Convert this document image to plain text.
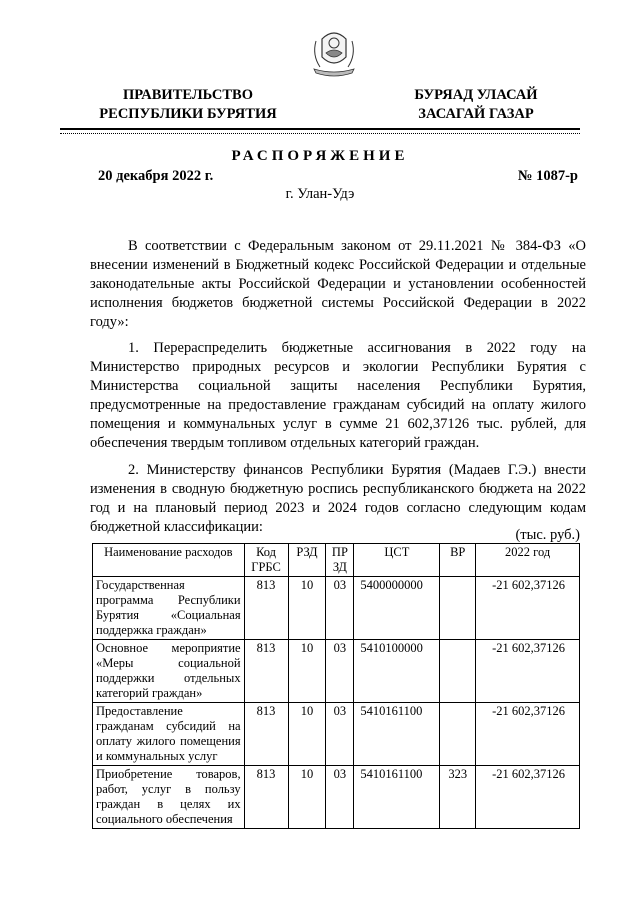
ПРАВИТЕЛЬСТВО
РЕСПУБЛИКИ БУРЯТИЯ
БУРЯАД УЛАСАЙ
ЗАСАГАЙ ГАЗАР
РАСПОРЯЖЕНИЕ
20 декабря 2022 г.	№ 1087-р
г. Улан-Удэ
В соответствии с Федеральным законом от 29.11.2021 № 384-ФЗ «О внесении изменений в Бюджетный кодекс Российской Федерации и отдельные законодательные акты Российской Федерации и установлении особенностей исполнения бюджетов бюджетной системы Российской Федерации в 2022 году»:
1. Перераспределить бюджетные ассигнования в 2022 году на Министерство природных ресурсов и экологии Республики Бурятия с Министерства социальной защиты населения Республики Бурятия, предусмотренные на предоставление гражданам субсидий на оплату жилого помещения и коммунальных услуг в сумме 21 602,37126 тыс. рублей, для обеспечения твердым топливом отдельных категорий граждан.
2. Министерству финансов Республики Бурятия (Мадаев Г.Э.) внести изменения в сводную бюджетную роспись республиканского бюджета на 2022 год и на плановый период 2023 и 2024 годов согласно следующим кодам бюджетной классификации:	(тыс. руб.)
Наименование расходов	Код ГРБС	РЗД	ПР ЗД	ЦСТ	ВР	2022 год
Государственная программа Республики Бурятия «Социальная поддержка граждан»	813	10	03	5400000000		-21 602,37126
Основное мероприятие «Меры социальной поддержки отдельных категорий граждан»	813	10	03	5410100000		-21 602,37126
Предоставление гражданам субсидий на оплату жилого помещения и коммунальных услуг	813	10	03	5410161100		-21 602,37126
Приобретение товаров, работ, услуг в пользу граждан в целях их социального обеспечения	813	10	03	5410161100	323	-21 602,37126
